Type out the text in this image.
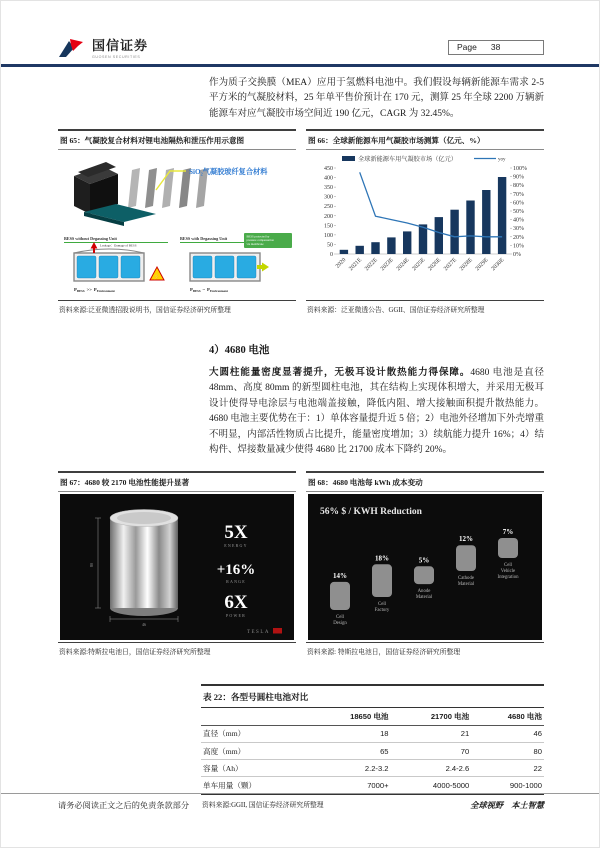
国信证券
GUOSEN SECURITIES
Page 38

作为质子交换膜（MEA）应用于氢燃料电池中。我们假设每辆新能源车需求 2-5 平方米的气凝胶材料，25 年单平售价预计在 170 元，测算 25 年全球 2200 万辆新能源车对应气凝胶市场空间近 190 亿元，CAGR 为 32.45%。

图 65：气凝胶复合材料对锂电池隔热和泄压作用示意图
SiO₂气凝胶玻纤复合材料
BESS without Degassing Unit
Leakage：Damage of BESS
⚡
$P_{BESS} >> P_{Environment}$
BESS with Degassing Unit	BESS protected by
pressure compensation
via membrane
$P_{BESS}$ ~ $P_{Environment}$
资料来源:泛亚微透招股说明书，国信证券经济研究所整理
图 66：全球新能源车用气凝胶市场测算（亿元、%）
0
50
100
150
200
250
300
350
400
450
0%
10%
20%
30%
40%
50%
60%
70%
80%
90%
100%
2020 2021E 2022E 2023E 2024E 2025E 2026E 2027E 2028E 2029E 2030E
全球新能源车用气凝胶市场（亿元）	yoy
资料来源：泛亚微透公告、GGII、国信证券经济研究所整理
4）4680 电池

大圆柱能量密度显著提升，无极耳设计散热能力得保障。4680 电池是直径 48mm、高度 80mm 的新型圆柱电池，其在结构上实现体积增大，并采用无极耳设计使得导电涂层与电池端盖接触，降低内阻、增大接触面积提升散热能力。4680 电池主要优势在于：1）单体容量提升近 5 倍；2）电池外径增加下外壳增重不明显，内部活性物质占比提升，能量密度增加；3）续航能力提升 16%；4）结构件、焊接数量减少使得 4680 比 21700 成本下降约 20%。

图 67：4680 较 2170 电池性能提升显著
80
46
5X
ENERGY
+16%
RANGE
6X
POWER
TESLA
资料来源:特斯拉电池日，国信证券经济研究所整理
图 68：4680 电池每 kWh 成本变动
56% $ / KWH Reduction
14%
Cell
Design
18%
Cell
Factory
5%
Anode
Material
12%
Cathode
Material
7%
Cell
Vehicle
Integration
资料来源: 特斯拉电池日，国信证券经济研究所整理
表 22：各型号圆柱电池对比
	18650 电池	21700 电池	4680 电池
直径（mm）	18	21	46
高度（mm）	65	70	80
容量（Ah）	2.2-3.2	2.4-2.6	22
单车用量（颗）	7000+	4000-5000	900-1000
资料来源:GGII, 国信证券经济研究所整理
请务必阅读正文之后的免责条款部分	全球视野　本土智慧
